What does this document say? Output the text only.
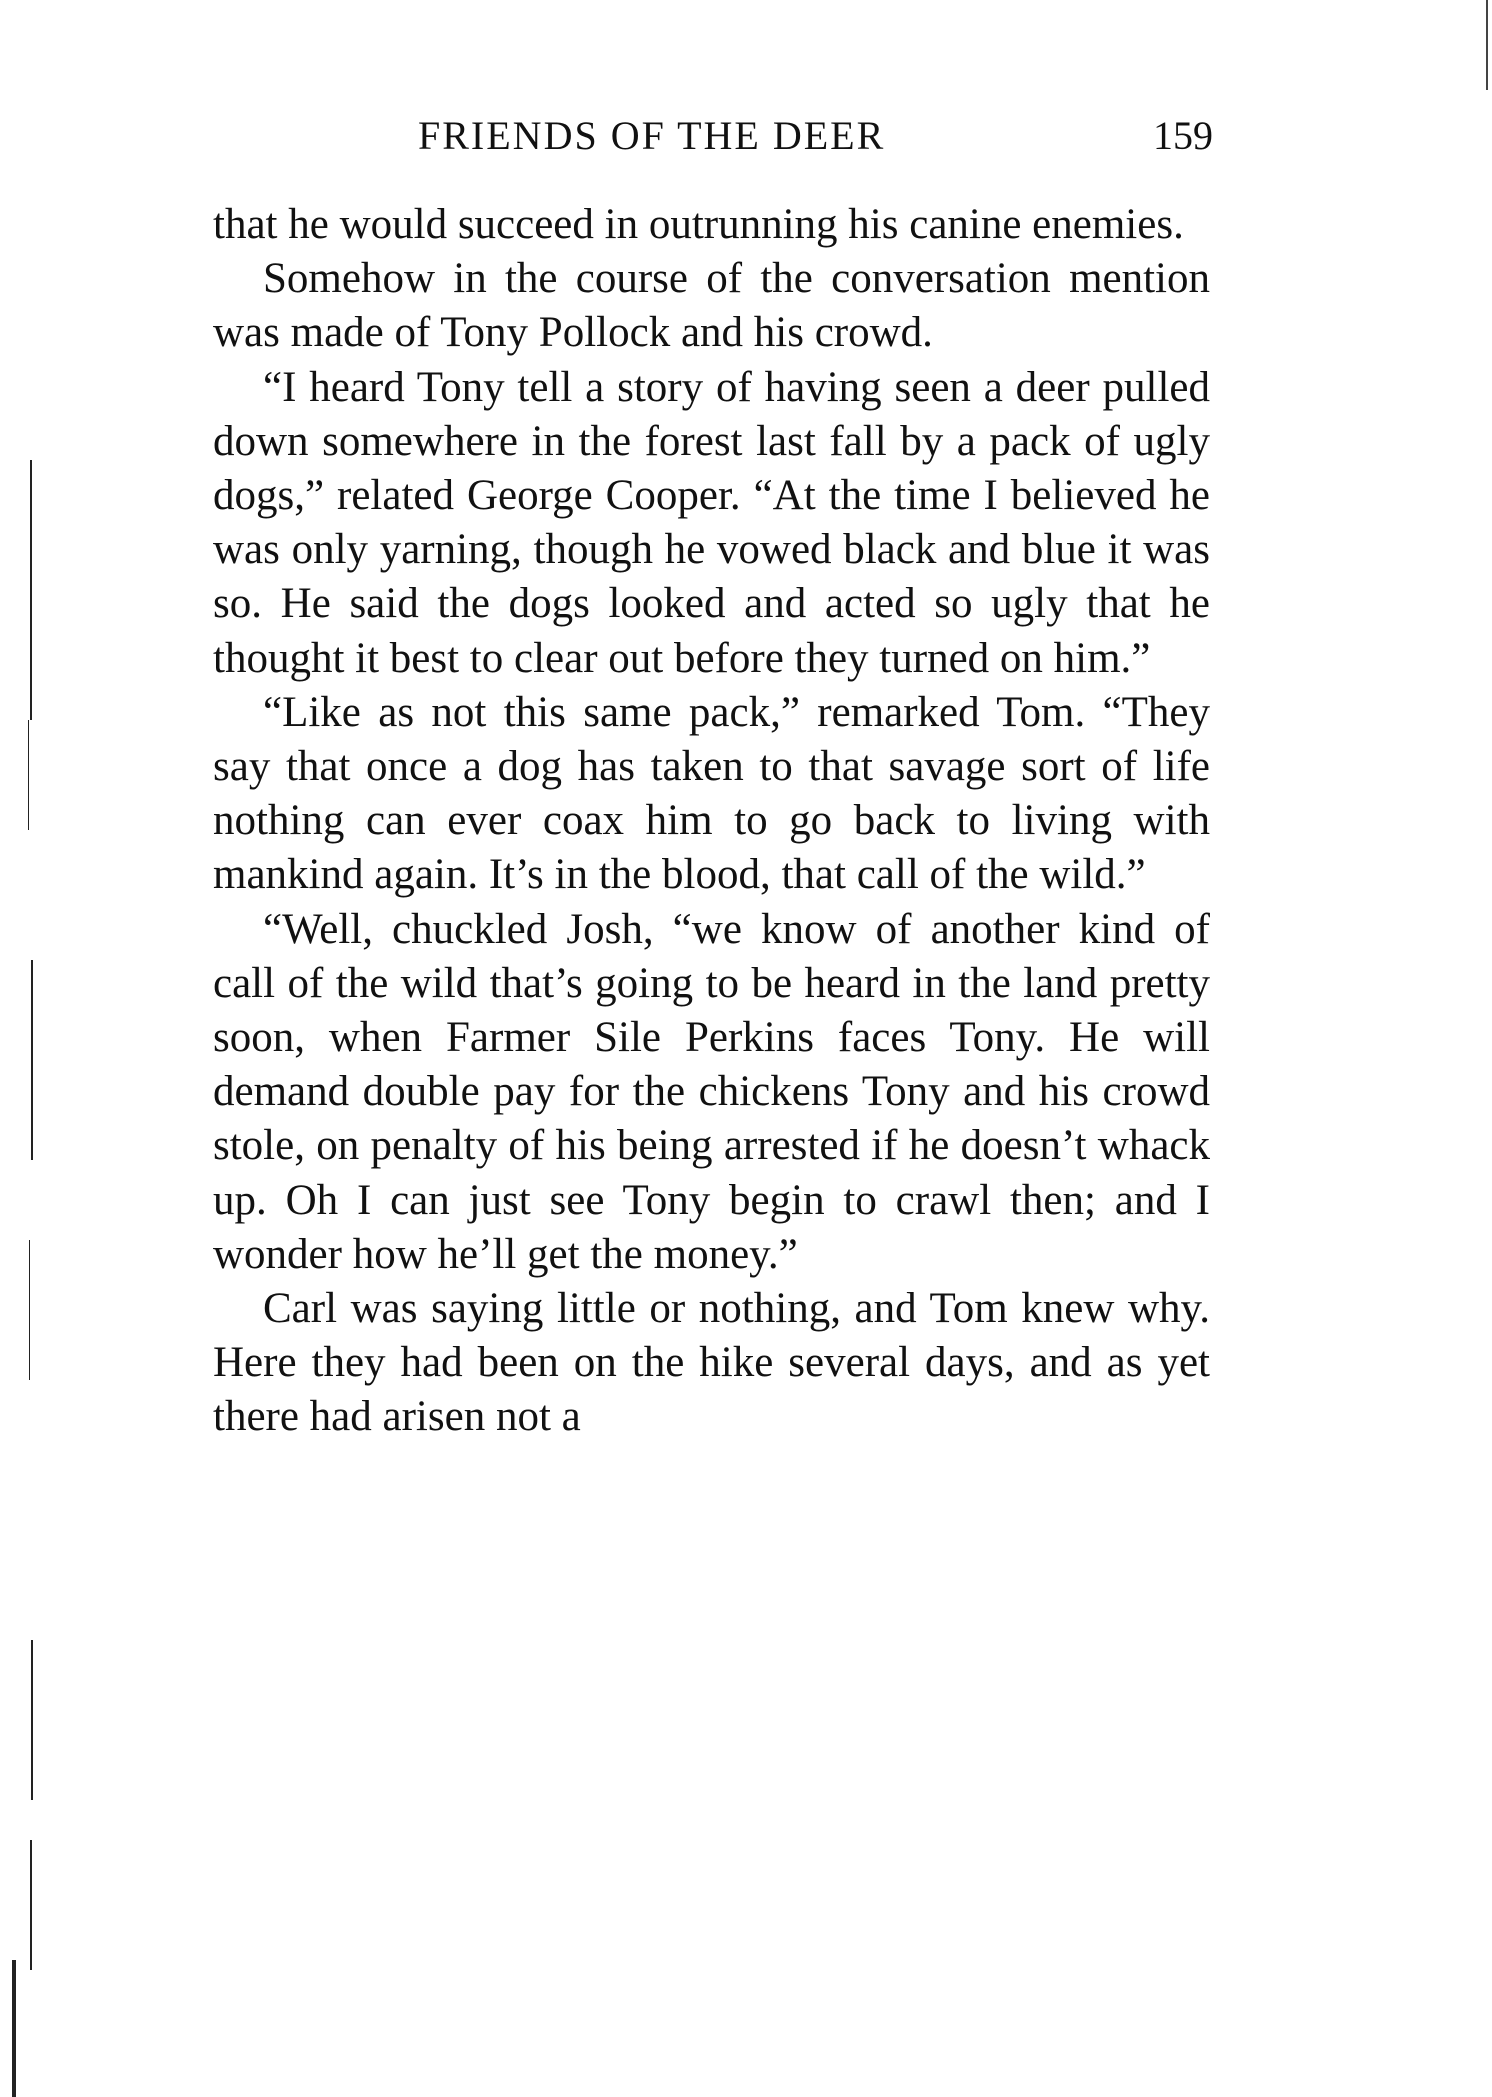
FRIENDS OF THE DEER	159

that he would succeed in outrunning his canine enemies.

Somehow in the course of the conversation mention was made of Tony Pollock and his crowd.

“I heard Tony tell a story of having seen a deer pulled down somewhere in the forest last fall by a pack of ugly dogs,” related George Cooper. “At the time I believed he was only yarning, though he vowed black and blue it was so. He said the dogs looked and acted so ugly that he thought it best to clear out before they turned on him.”

“Like as not this same pack,” remarked Tom. “They say that once a dog has taken to that savage sort of life nothing can ever coax him to go back to living with mankind again. It’s in the blood, that call of the wild.”

“Well, chuckled Josh, “we know of another kind of call of the wild that’s going to be heard in the land pretty soon, when Farmer Sile Perkins faces Tony. He will demand double pay for the chickens Tony and his crowd stole, on penalty of his being arrested if he doesn’t whack up. Oh I can just see Tony begin to crawl then; and I wonder how he’ll get the money.”

Carl was saying little or nothing, and Tom knew why. Here they had been on the hike several days, and as yet there had arisen not a
